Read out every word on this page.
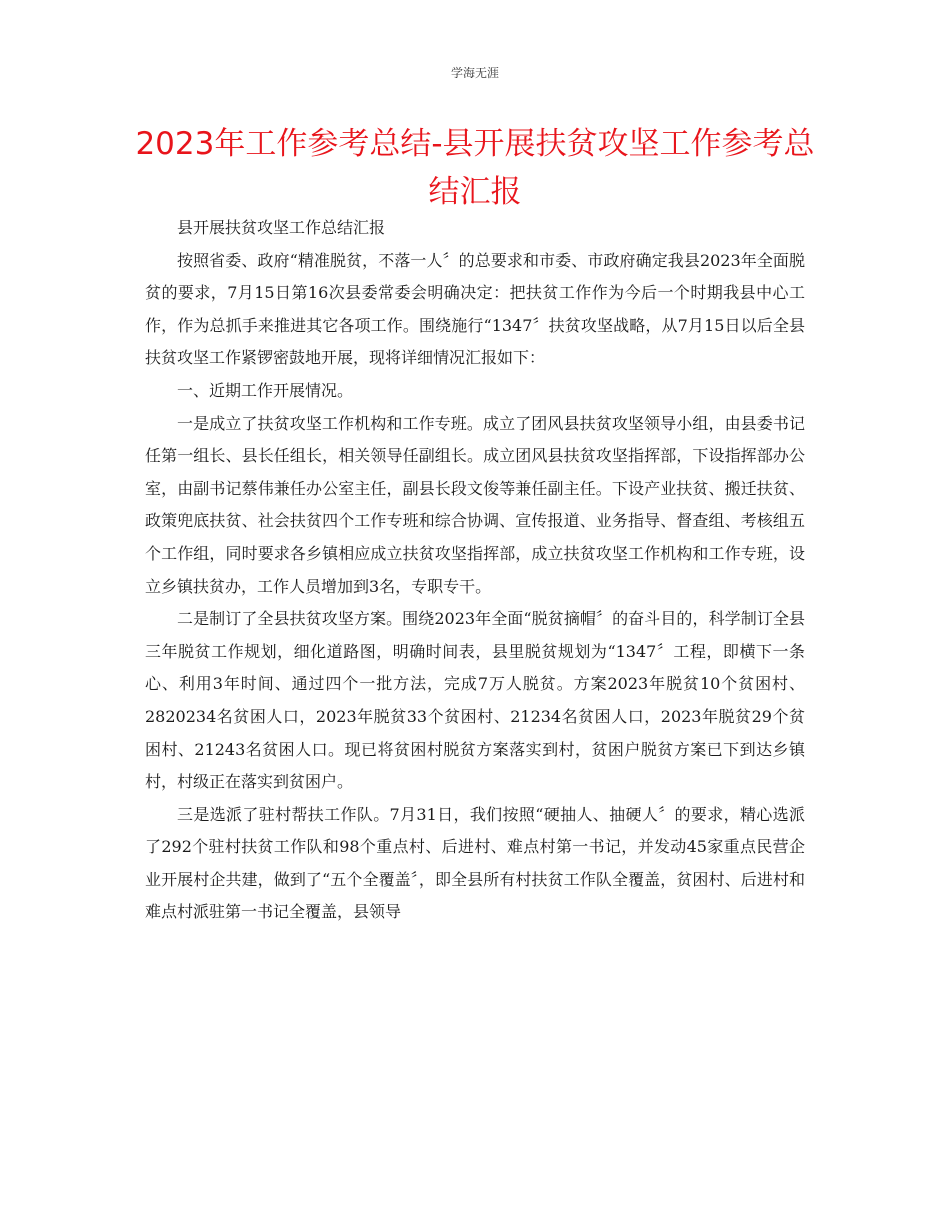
学海无涯
2023年工作参考总结-县开展扶贫攻坚工作参考总结汇报

县开展扶贫攻坚工作总结汇报

按照省委、政府“精准脱贫，不落一人〞的总要求和市委、市政府确定我县2023年全面脱贫的要求，7月15日第16次县委常委会明确决定：把扶贫工作作为今后一个时期我县中心工作，作为总抓手来推进其它各项工作。围绕施行“1347〞扶贫攻坚战略，从7月15日以后全县扶贫攻坚工作紧锣密鼓地开展，现将详细情况汇报如下：

一、近期工作开展情况。

一是成立了扶贫攻坚工作机构和工作专班。成立了团风县扶贫攻坚领导小组，由县委书记任第一组长、县长任组长，相关领导任副组长。成立团风县扶贫攻坚指挥部，下设指挥部办公室，由副书记蔡伟兼任办公室主任，副县长段文俊等兼任副主任。下设产业扶贫、搬迁扶贫、政策兜底扶贫、社会扶贫四个工作专班和综合协调、宣传报道、业务指导、督查组、考核组五个工作组，同时要求各乡镇相应成立扶贫攻坚指挥部，成立扶贫攻坚工作机构和工作专班，设立乡镇扶贫办，工作人员增加到3名，专职专干。

二是制订了全县扶贫攻坚方案。围绕2023年全面“脱贫摘帽〞的奋斗目的，科学制订全县三年脱贫工作规划，细化道路图，明确时间表，县里脱贫规划为“1347〞工程，即横下一条心、利用3年时间、通过四个一批方法，完成7万人脱贫。方案2023年脱贫10个贫困村、2820234名贫困人口，2023年脱贫33个贫困村、21234名贫困人口，2023年脱贫29个贫困村、21243名贫困人口。现已将贫困村脱贫方案落实到村，贫困户脱贫方案已下到达乡镇村，村级正在落实到贫困户。

三是选派了驻村帮扶工作队。7月31日，我们按照“硬抽人、抽硬人〞的要求，精心选派了292个驻村扶贫工作队和98个重点村、后进村、难点村第一书记，并发动45家重点民营企业开展村企共建，做到了“五个全覆盖〞，即全县所有村扶贫工作队全覆盖，贫困村、后进村和难点村派驻第一书记全覆盖，县领导
